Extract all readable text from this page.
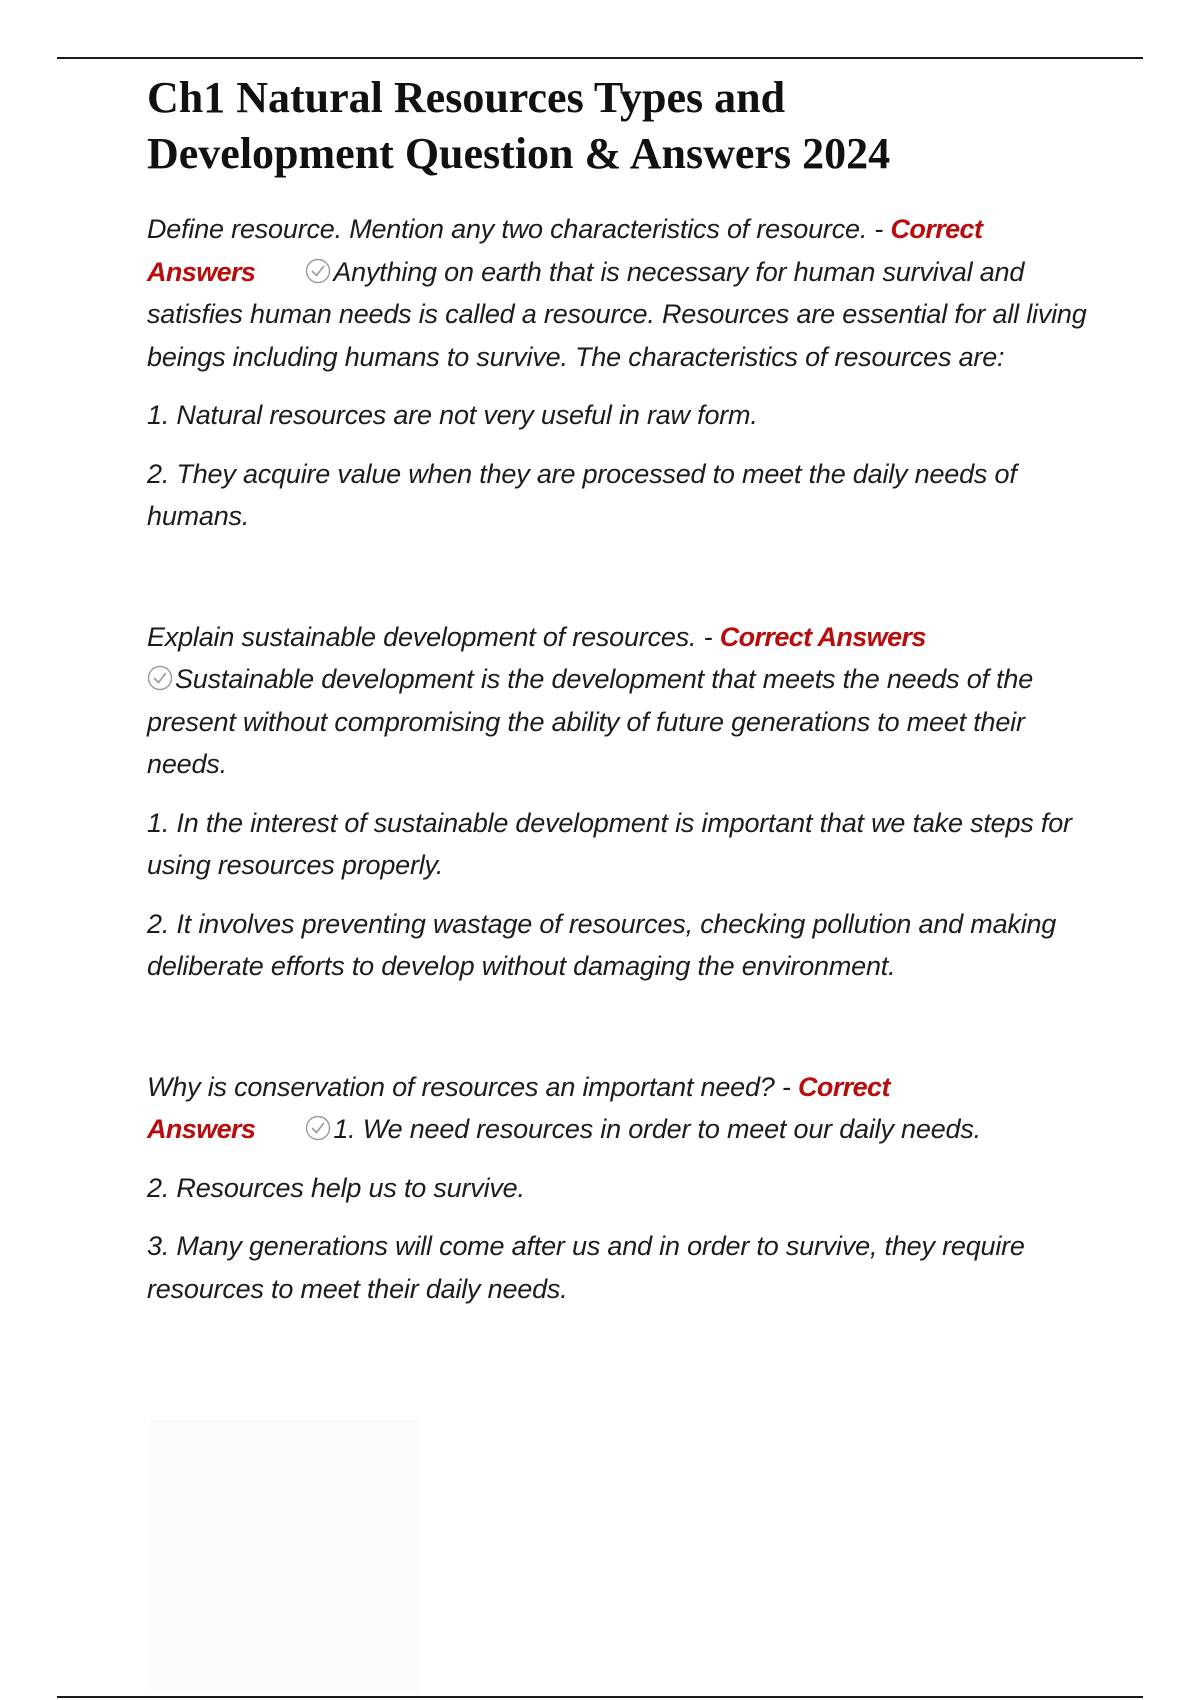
Ch1 Natural Resources Types and
Development Question & Answers 2024

Define resource. Mention any two characteristics of resource. - Correct
Answers	Anything on earth that is necessary for human survival and satisfies human needs is called a resource. Resources are essential for all living beings including humans to survive. The characteristics of resources are:

1. Natural resources are not very useful in raw form.

2. They acquire value when they are processed to meet the daily needs of humans.

Explain sustainable development of resources. - Correct Answers

Sustainable development is the development that meets the needs of the present without compromising the ability of future generations to meet their needs.

1. In the interest of sustainable development is important that we take steps for using resources properly.

2. It involves preventing wastage of resources, checking pollution and making deliberate efforts to develop without damaging the environment.

Why is conservation of resources an important need? - Correct
Answers	1. We need resources in order to meet our daily needs.

2. Resources help us to survive.

3. Many generations will come after us and in order to survive, they require resources to meet their daily needs.
